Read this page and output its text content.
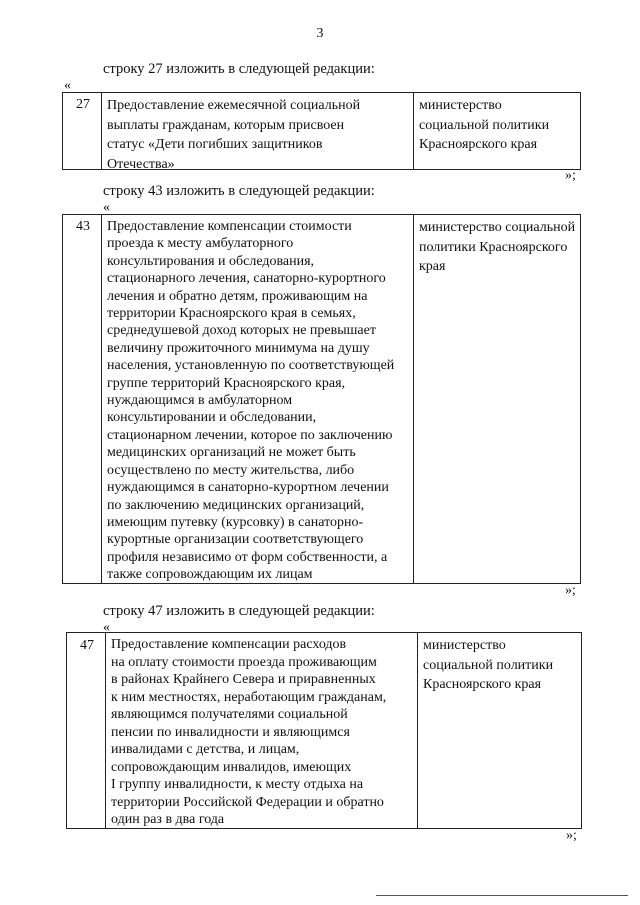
3
строку 27 изложить в следующей редакции:
«
27 Предоставление ежемесячной социальной
выплаты гражданам, которым присвоен
статус «Дети погибших защитников
Отечества»
министерство
социальной политики
Красноярского края
»;
строку 43 изложить в следующей редакции:
«
43 Предоставление компенсации стоимости
проезда к месту амбулаторного
консультирования и обследования,
стационарного лечения, санаторно-курортного
лечения и обратно детям, проживающим на
территории Красноярского края в семьях,
среднедушевой доход которых не превышает
величину прожиточного минимума на душу
населения, установленную по соответствующей
группе территорий Красноярского края,
нуждающимся в амбулаторном
консультировании и обследовании,
стационарном лечении, которое по заключению
медицинских организаций не может быть
осуществлено по месту жительства, либо
нуждающимся в санаторно-курортном лечении
по заключению медицинских организаций,
имеющим путевку (курсовку) в санаторно-
курортные организации соответствующего
профиля независимо от форм собственности, а
также сопровождающим их лицам
министерство социальной
политики Красноярского
края
»;
строку 47 изложить в следующей редакции:
«
47 Предоставление компенсации расходов
на оплату стоимости проезда проживающим
в районах Крайнего Севера и приравненных
к ним местностях, неработающим гражданам,
являющимся получателями социальной
пенсии по инвалидности и являющимся
инвалидами с детства, и лицам,
сопровождающим инвалидов, имеющих
I группу инвалидности, к месту отдыха на
территории Российской Федерации и обратно
один раз в два года
министерство
социальной политики
Красноярского края
»;
